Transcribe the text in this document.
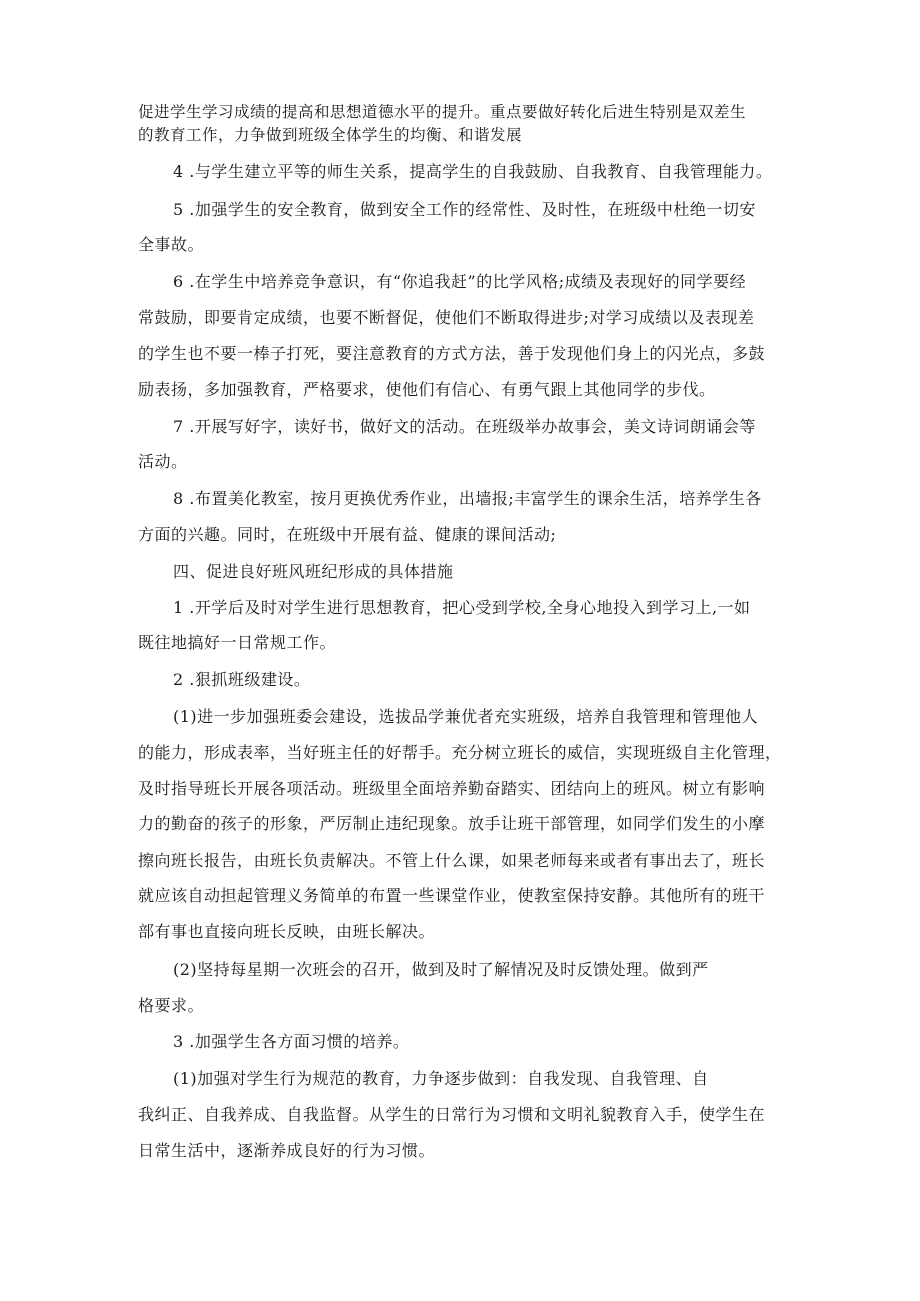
促进学生学习成绩的提高和思想道德水平的提升。重点要做好转化后进生特别是双差生
的教育工作，力争做到班级全体学生的均衡、和谐发展
4 .与学生建立平等的师生关系，提高学生的自我鼓励、自我教育、自我管理能力。
5 .加强学生的安全教育，做到安全工作的经常性、及时性，在班级中杜绝一切安
全事故。
6 .在学生中培养竞争意识，有“你追我赶”的比学风格;成绩及表现好的同学要经
常鼓励，即要肯定成绩，也要不断督促，使他们不断取得进步;对学习成绩以及表现差
的学生也不要一棒子打死，要注意教育的方式方法，善于发现他们身上的闪光点，多鼓
励表扬，多加强教育，严格要求，使他们有信心、有勇气跟上其他同学的步伐。
7 .开展写好字，读好书，做好文的活动。在班级举办故事会，美文诗词朗诵会等
活动。
8 .布置美化教室，按月更换优秀作业，出墙报;丰富学生的课余生活，培养学生各
方面的兴趣。同时，在班级中开展有益、健康的课间活动;
四、促进良好班风班纪形成的具体措施
1 .开学后及时对学生进行思想教育，把心受到学校,全身心地投入到学习上,一如
既往地搞好一日常规工作。
2 .狠抓班级建设。
(1)进一步加强班委会建设，选拔品学兼优者充实班级，培养自我管理和管理他人
的能力，形成表率，当好班主任的好帮手。充分树立班长的威信，实现班级自主化管理，
及时指导班长开展各项活动。班级里全面培养勤奋踏实、团结向上的班风。树立有影响
力的勤奋的孩子的形象，严厉制止违纪现象。放手让班干部管理，如同学们发生的小摩
擦向班长报告，由班长负责解决。不管上什么课，如果老师每来或者有事出去了，班长
就应该自动担起管理义务简单的布置一些课堂作业，使教室保持安静。其他所有的班干
部有事也直接向班长反映，由班长解决。
(2)坚持每星期一次班会的召开，做到及时了解情况及时反馈处理。做到严
格要求。
3 .加强学生各方面习惯的培养。
(1)加强对学生行为规范的教育，力争逐步做到：自我发现、自我管理、自
我纠正、自我养成、自我监督。从学生的日常行为习惯和文明礼貌教育入手，使学生在
日常生活中，逐渐养成良好的行为习惯。
